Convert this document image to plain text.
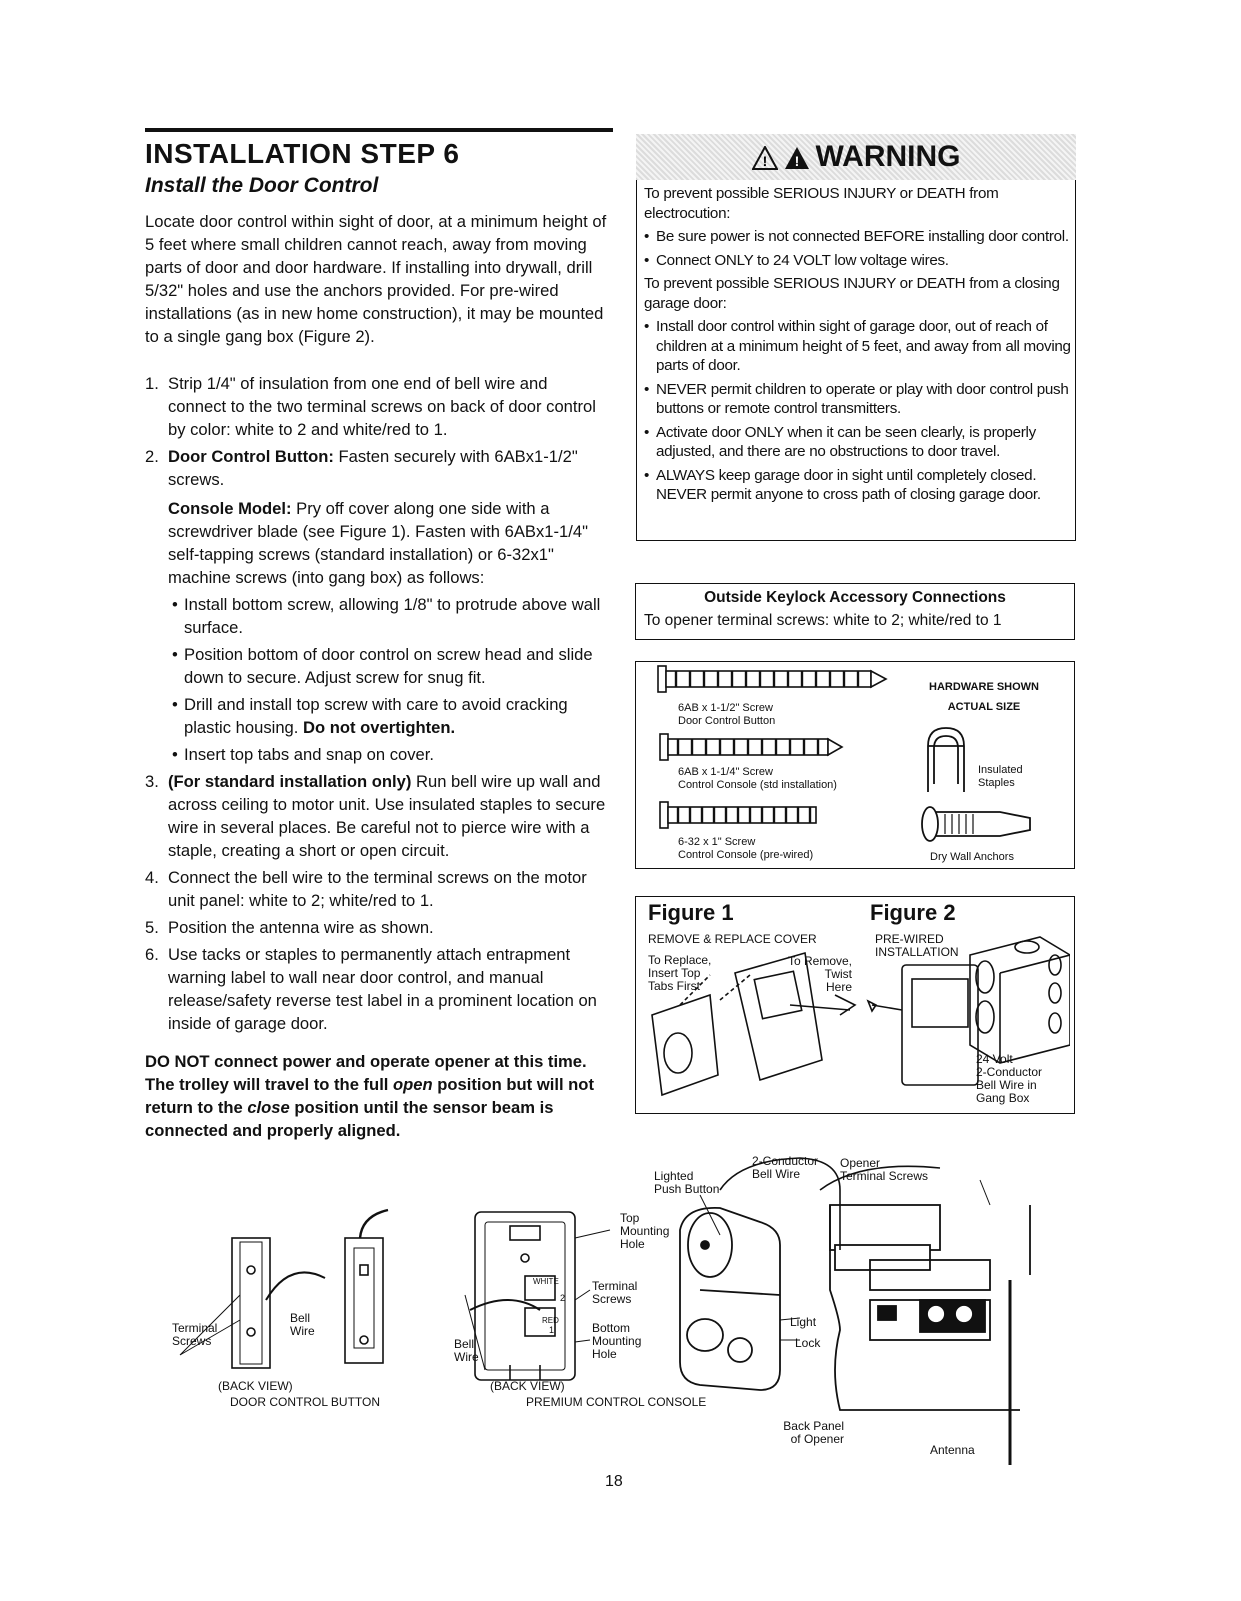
INSTALLATION STEP 6
Install the Door Control

Locate door control within sight of door, at a minimum height of 5 feet where small children cannot reach, away from moving parts of door and door hardware. If installing into drywall, drill 5/32" holes and use the anchors provided. For pre-wired installations (as in new home construction), it may be mounted to a single gang box (Figure 2).

1. Strip 1/4" of insulation from one end of bell wire and connect to the two terminal screws on back of door control by color: white to 2 and white/red to 1.
2. Door Control Button: Fasten securely with 6ABx1-1/2" screws.
Console Model: Pry off cover along one side with a screwdriver blade (see Figure 1). Fasten with 6ABx1-1/4" self-tapping screws (standard installation) or 6-32x1" machine screws (into gang box) as follows:
• Install bottom screw, allowing 1/8" to protrude above wall surface.
• Position bottom of door control on screw head and slide down to secure. Adjust screw for snug fit.
• Drill and install top screw with care to avoid cracking plastic housing. Do not overtighten.
• Insert top tabs and snap on cover.
3. (For standard installation only) Run bell wire up wall and across ceiling to motor unit. Use insulated staples to secure wire in several places. Be careful not to pierce wire with a staple, creating a short or open circuit.
4. Connect the bell wire to the terminal screws on the motor unit panel: white to 2; white/red to 1.
5. Position the antenna wire as shown.
6. Use tacks or staples to permanently attach entrapment warning label to wall near door control, and manual release/safety reverse test label in a prominent location on inside of garage door.

DO NOT connect power and operate opener at this time. The trolley will travel to the full open position but will not return to the close position until the sensor beam is connected and properly aligned.

! ! WARNING

To prevent possible SERIOUS INJURY or DEATH from electrocution:

• Be sure power is not connected BEFORE installing door control.

• Connect ONLY to 24 VOLT low voltage wires.

To prevent possible SERIOUS INJURY or DEATH from a closing garage door:

• Install door control within sight of garage door, out of reach of children at a minimum height of 5 feet, and away from all moving parts of door.

• NEVER permit children to operate or play with door control push buttons or remote control transmitters.

• Activate door ONLY when it can be seen clearly, is properly adjusted, and there are no obstructions to door travel.

• ALWAYS keep garage door in sight until completely closed. NEVER permit anyone to cross path of closing garage door.

Outside Keylock Accessory Connections
To opener terminal screws: white to 2; white/red to 1
HARDWARE SHOWN
ACTUAL SIZE
6AB x 1-1/2" Screw
Door Control Button
6AB x 1-1/4" Screw
Control Console (std installation)
6-32 x 1" Screw
Control Console (pre-wired)
Insulated
Staples
Dry Wall Anchors
Figure 1	Figure 2
REMOVE & REPLACE COVER
To Replace,
Insert Top
Tabs First
To Remove,
Twist
Here
PRE-WIRED
INSTALLATION
24 Volt
2-Conductor
Bell Wire in
Gang Box
Terminal
Screws
Bell
Wire
(BACK VIEW)
DOOR CONTROL BUTTON
Top
Mounting
Hole
Terminal
Screws
Bottom
Mounting
Hole
Bell
Wire
(BACK VIEW)
PREMIUM CONTROL CONSOLE
WHITE
RED
2
1
Lighted
Push Button
2-Conductor
Bell Wire
Opener
Terminal Screws
Light
Lock
Back Panel
of Opener
Antenna
18
